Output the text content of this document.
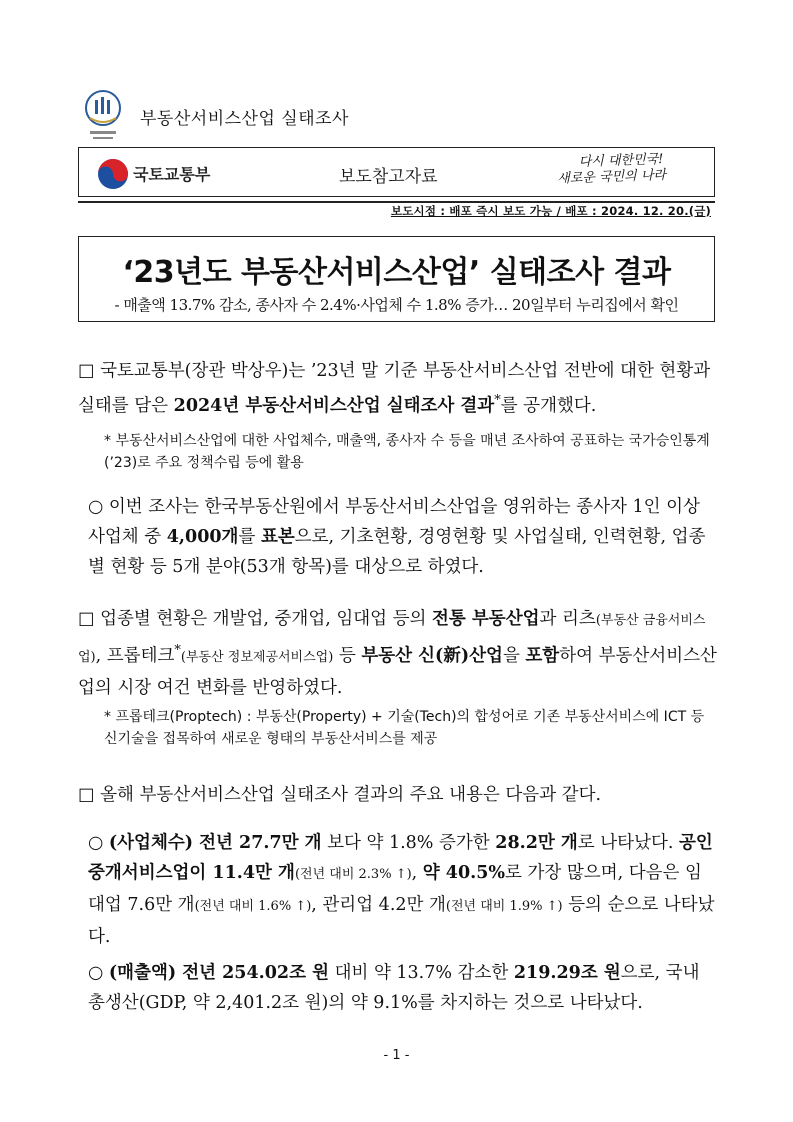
부동산서비스산업 실태조사
국토교통부	보도참고자료
다시 대한민국!
새로운 국민의 나라
보도시점 : 배포 즉시 보도 가능 / 배포 : 2024. 12. 20.(금)
‘23년도 부동산서비스산업’ 실태조사 결과
- 매출액 13.7% 감소, 종사자 수 2.4%·사업체 수 1.8% 증가… 20일부터 누리집에서 확인
□ 국토교통부(장관 박상우)는 ’23년 말 기준 부동산서비스산업 전반에 대한 현황과 실태를 담은 2024년 부동산서비스산업 실태조사 결과*를 공개했다.
* 부동산서비스산업에 대한 사업체수, 매출액, 종사자 수 등을 매년 조사하여 공표하는 국가승인통계(’23)로 주요 정책수립 등에 활용
○ 이번 조사는 한국부동산원에서 부동산서비스산업을 영위하는 종사자 1인 이상 사업체 중 4,000개를 표본으로, 기초현황, 경영현황 및 사업실태, 인력현황, 업종별 현황 등 5개 분야(53개 항목)를 대상으로 하였다.
□ 업종별 현황은 개발업, 중개업, 임대업 등의 전통 부동산업과 리츠(부동산 금융서비스업), 프롭테크*(부동산 정보제공서비스업) 등 부동산 신(新)산업을 포함하여 부동산서비스산업의 시장 여건 변화를 반영하였다.
* 프롭테크(Proptech) : 부동산(Property) + 기술(Tech)의 합성어로 기존 부동산서비스에 ICT 등 신기술을 접목하여 새로운 형태의 부동산서비스를 제공
□ 올해 부동산서비스산업 실태조사 결과의 주요 내용은 다음과 같다.
○ (사업체수) 전년 27.7만 개 보다 약 1.8% 증가한 28.2만 개로 나타났다. 공인중개서비스업이 11.4만 개(전년 대비 2.3% ↑), 약 40.5%로 가장 많으며, 다음은 임대업 7.6만 개(전년 대비 1.6% ↑), 관리업 4.2만 개(전년 대비 1.9% ↑) 등의 순으로 나타났다.
○ (매출액) 전년 254.02조 원 대비 약 13.7% 감소한 219.29조 원으로, 국내 총생산(GDP, 약 2,401.2조 원)의 약 9.1%를 차지하는 것으로 나타났다.
- 1 -
